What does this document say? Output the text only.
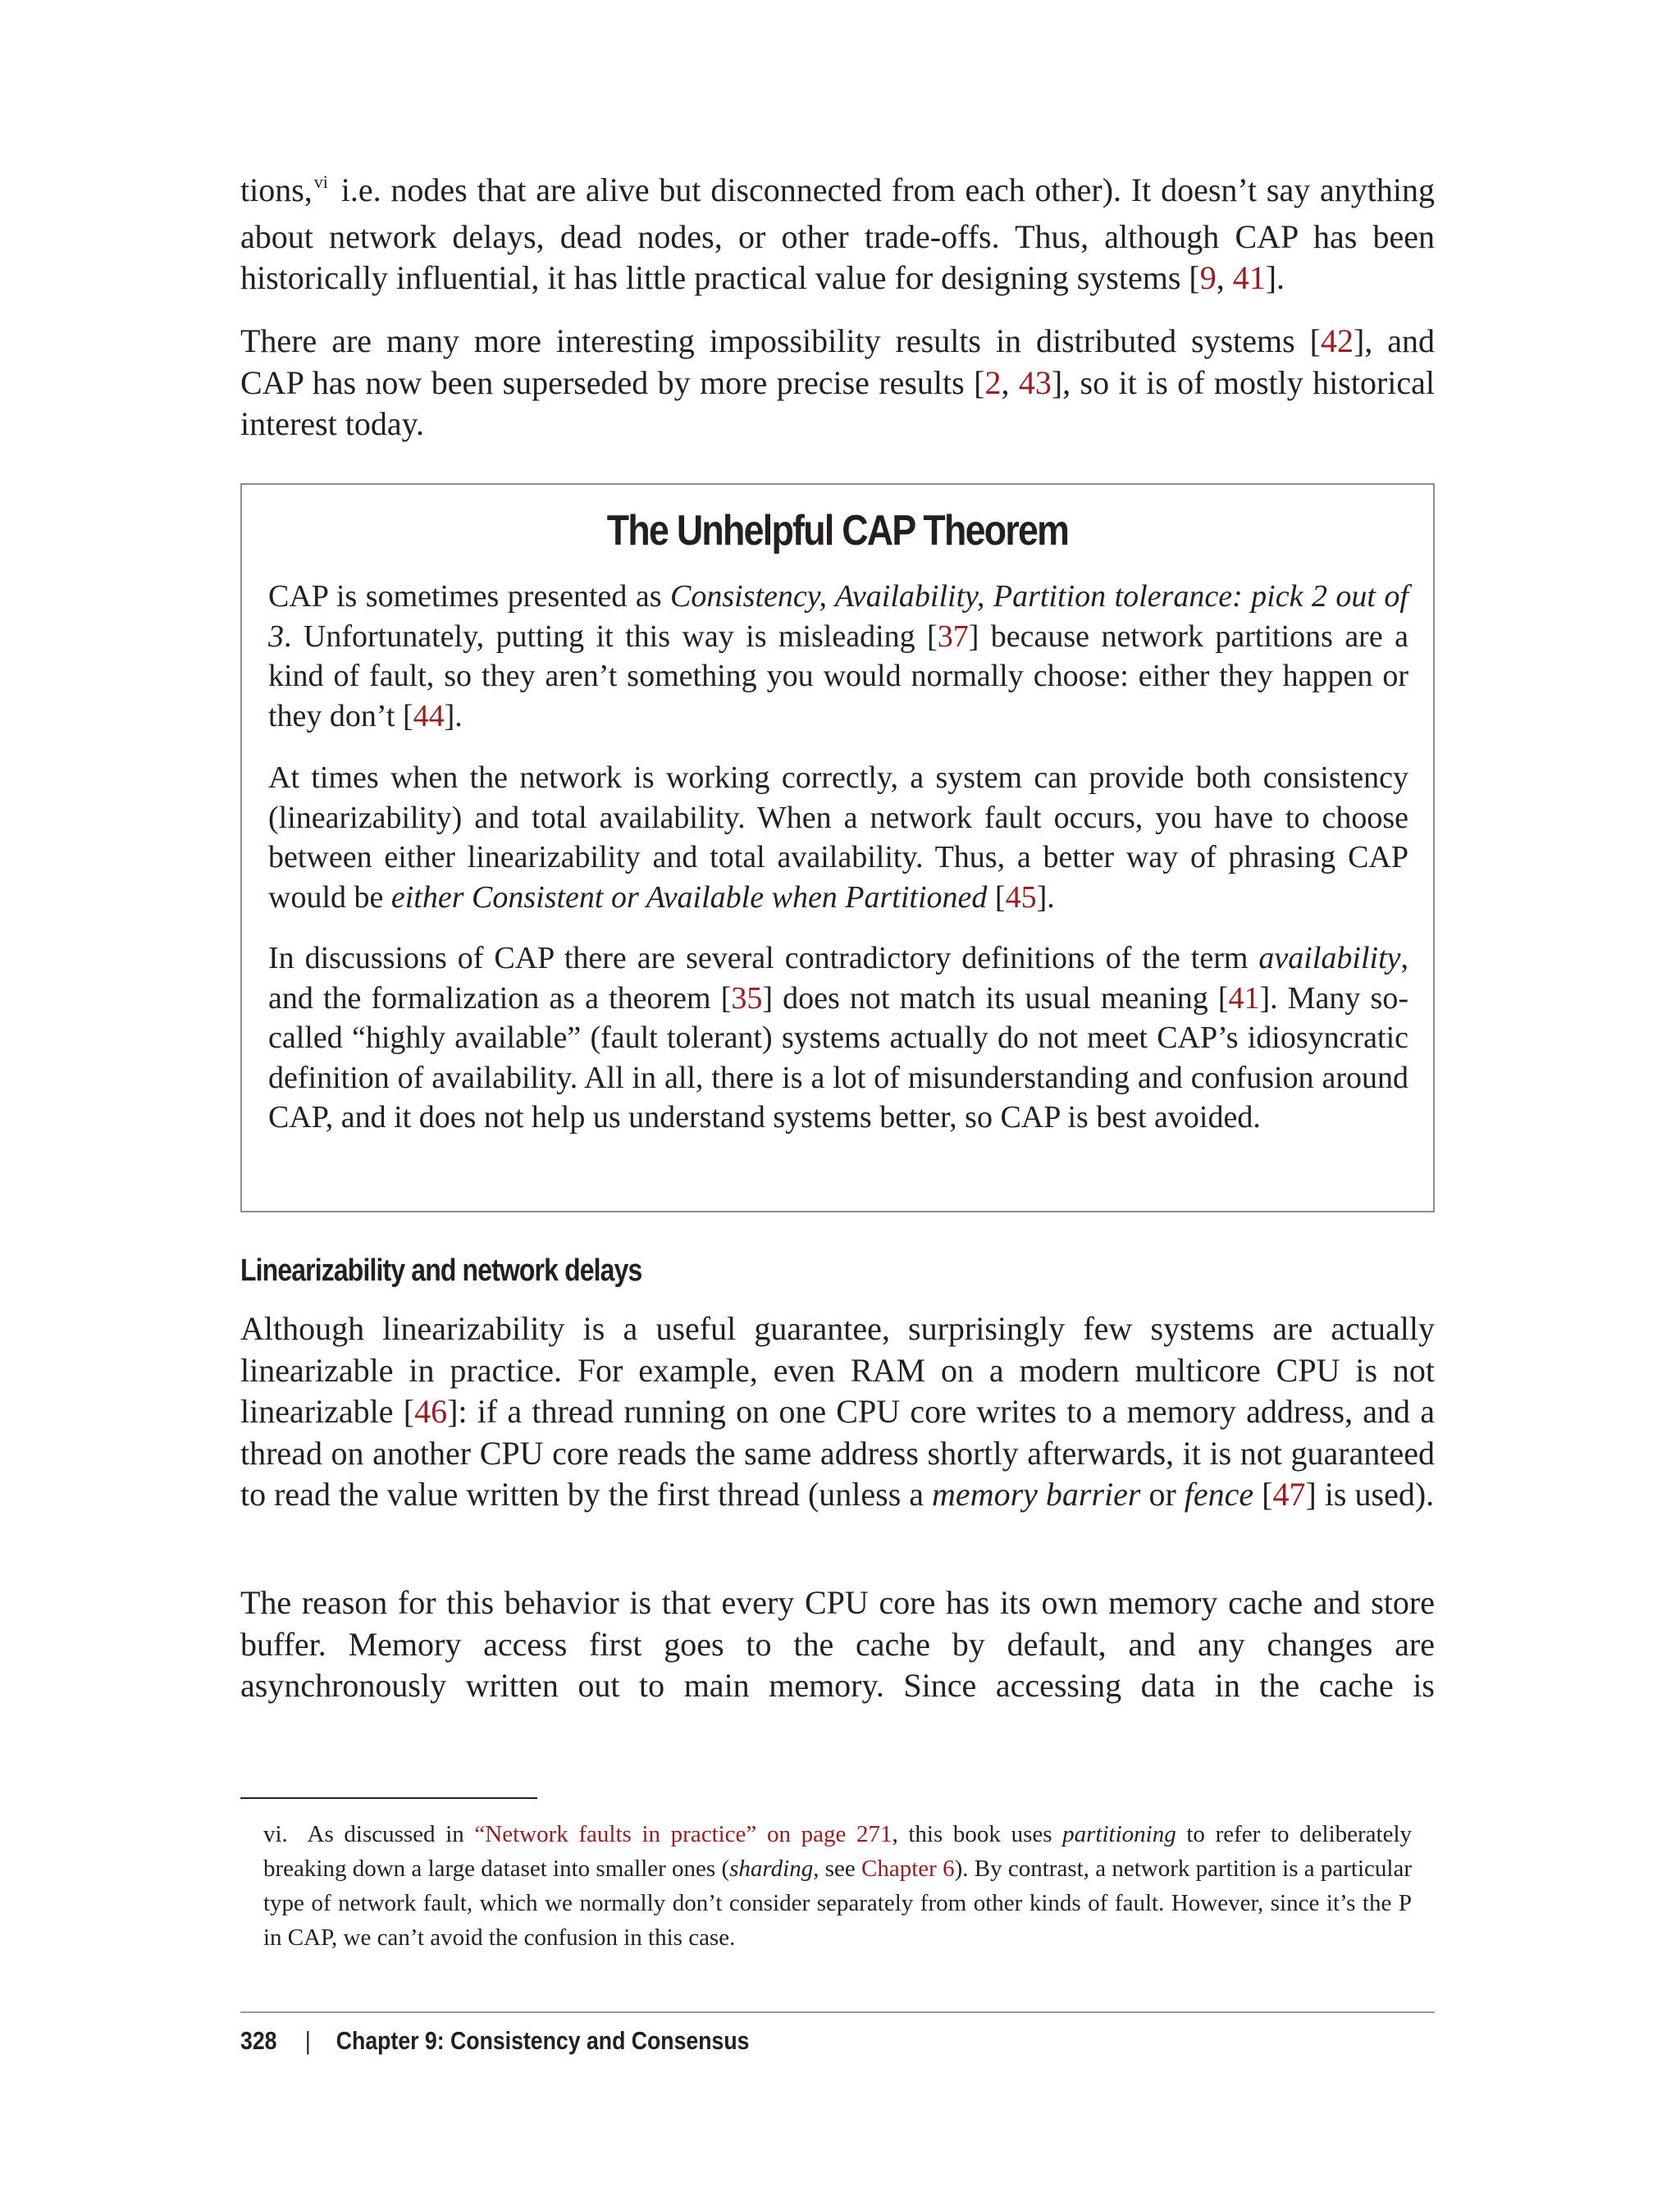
tions,$^{vi}$ i.e. nodes that are alive but disconnected from each other). It doesn’t say anything about network delays, dead nodes, or other trade-offs. Thus, although CAP has been historically influential, it has little practical value for designing systems [9, 41].

There are many more interesting impossibility results in distributed systems [42], and CAP has now been superseded by more precise results [2, 43], so it is of mostly historical interest today.

The Unhelpful CAP Theorem

CAP is sometimes presented as Consistency, Availability, Partition tolerance: pick 2 out of 3. Unfortunately, putting it this way is misleading [37] because network partitions are a kind of fault, so they aren’t something you would normally choose: either they happen or they don’t [44].

At times when the network is working correctly, a system can provide both consistency (linearizability) and total availability. When a network fault occurs, you have to choose between either linearizability and total availability. Thus, a better way of phrasing CAP would be either Consistent or Available when Partitioned [45].

In discussions of CAP there are several contradictory definitions of the term availability, and the formalization as a theorem [35] does not match its usual meaning [41]. Many so-called “highly available” (fault tolerant) systems actually do not meet CAP’s idiosyncratic definition of availability. All in all, there is a lot of misunderstanding and confusion around CAP, and it does not help us understand systems better, so CAP is best avoided.

Linearizability and network delays

Although linearizability is a useful guarantee, surprisingly few systems are actually linearizable in practice. For example, even RAM on a modern multicore CPU is not linearizable [46]: if a thread running on one CPU core writes to a memory address, and a thread on another CPU core reads the same address shortly afterwards, it is not guaranteed to read the value written by the first thread (unless a memory barrier or fence [47] is used).

The reason for this behavior is that every CPU core has its own memory cache and store buffer. Memory access first goes to the cache by default, and any changes are asynchronously written out to main memory. Since accessing data in the cache is

vi. As discussed in “Network faults in practice” on page 271, this book uses partitioning to refer to deliberately breaking down a large dataset into smaller ones (sharding, see Chapter 6). By contrast, a network partition is a particular type of network fault, which we normally don’t consider separately from other kinds of fault. However, since it’s the P in CAP, we can’t avoid the confusion in this case.

328 | Chapter 9: Consistency and Consensus
